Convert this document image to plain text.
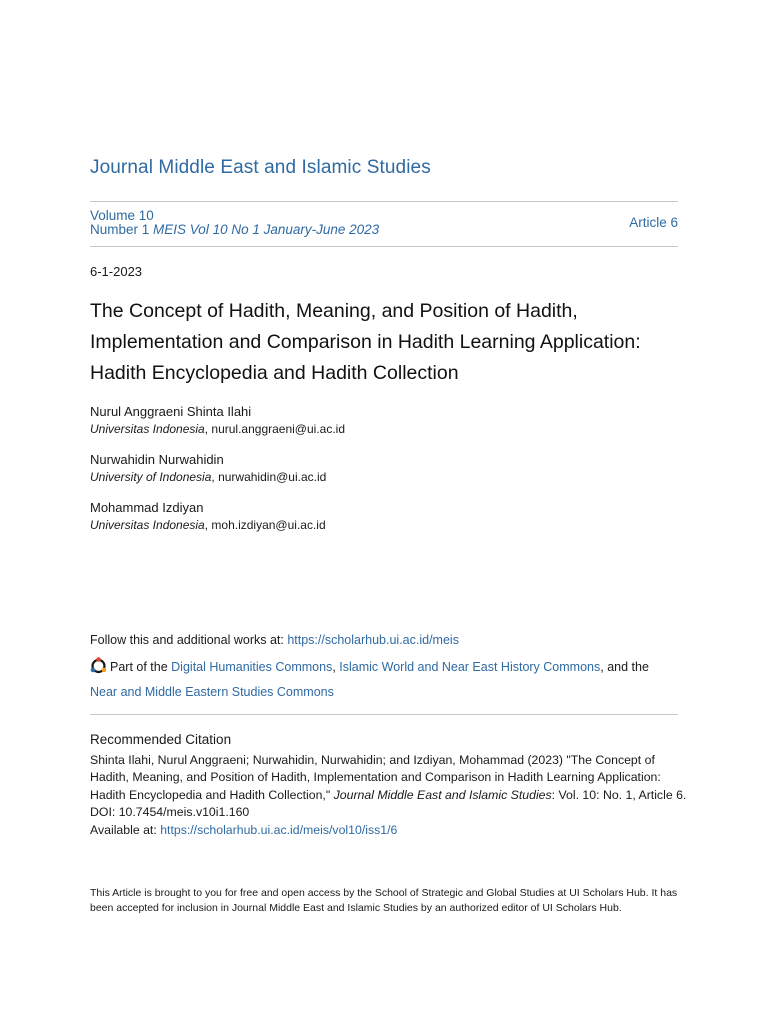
Journal Middle East and Islamic Studies
Volume 10
Number 1 MEIS Vol 10 No 1 January-June 2023	Article 6
6-1-2023
The Concept of Hadith, Meaning, and Position of Hadith,
Implementation and Comparison in Hadith Learning Application:
Hadith Encyclopedia and Hadith Collection
Nurul Anggraeni Shinta Ilahi
Universitas Indonesia, nurul.anggraeni@ui.ac.id
Nurwahidin Nurwahidin
University of Indonesia, nurwahidin@ui.ac.id
Mohammad Izdiyan
Universitas Indonesia, moh.izdiyan@ui.ac.id
Follow this and additional works at: https://scholarhub.ui.ac.id/meis
Part of the Digital Humanities Commons, Islamic World and Near East History Commons, and the
Near and Middle Eastern Studies Commons
Recommended Citation
Shinta Ilahi, Nurul Anggraeni; Nurwahidin, Nurwahidin; and Izdiyan, Mohammad (2023) "The Concept of Hadith, Meaning, and Position of Hadith, Implementation and Comparison in Hadith Learning Application: Hadith Encyclopedia and Hadith Collection," Journal Middle East and Islamic Studies: Vol. 10: No. 1, Article 6.
DOI: 10.7454/meis.v10i1.160
Available at: https://scholarhub.ui.ac.id/meis/vol10/iss1/6
This Article is brought to you for free and open access by the School of Strategic and Global Studies at UI Scholars Hub. It has been accepted for inclusion in Journal Middle East and Islamic Studies by an authorized editor of UI Scholars Hub.
